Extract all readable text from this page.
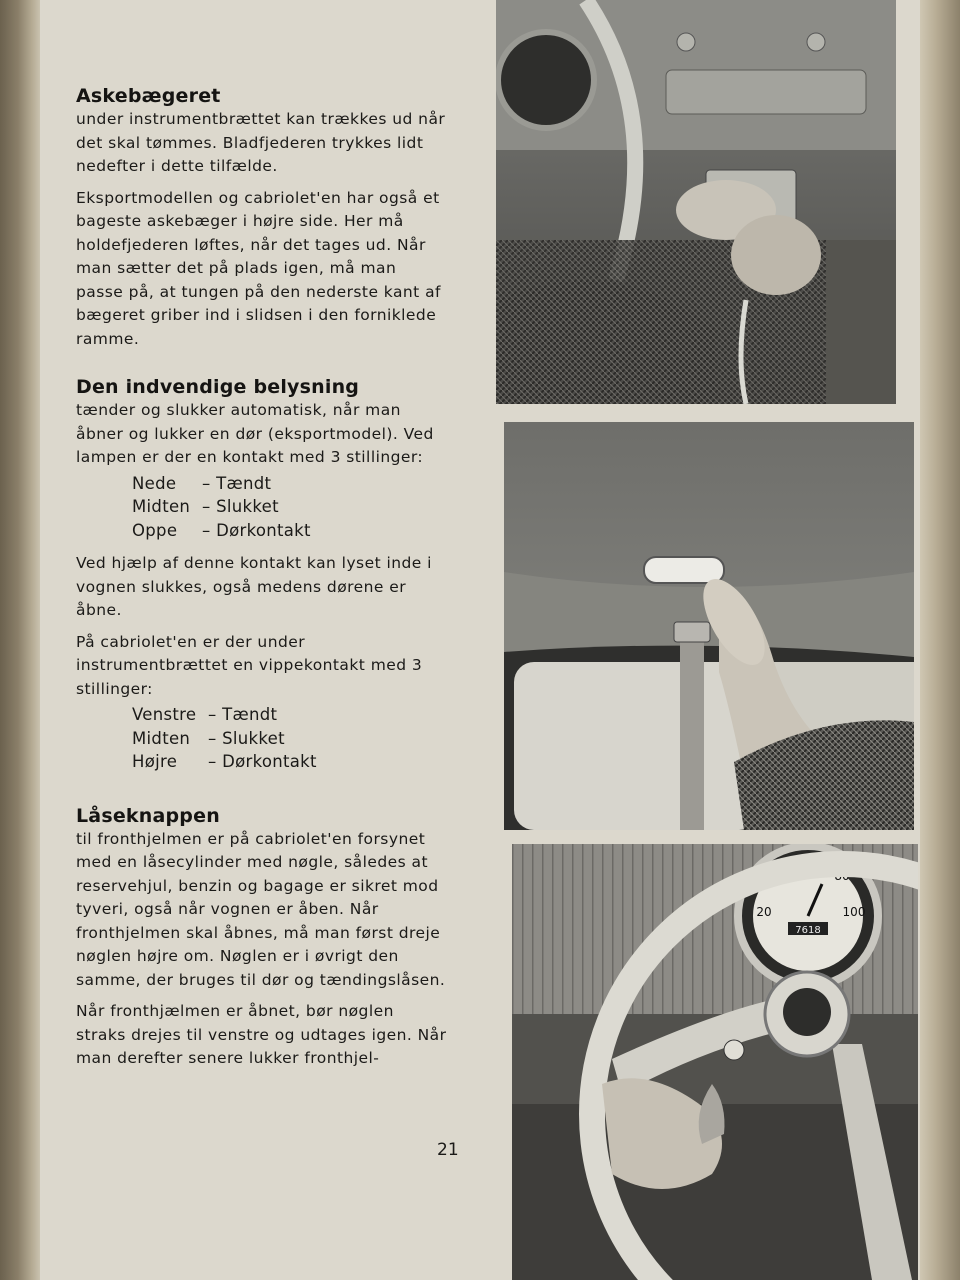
Askebægeret

under instrumentbrættet kan trækkes ud når det skal tømmes. Bladfjederen trykkes lidt nedefter i dette tilfælde.

Eksportmodellen og cabriolet'en har også et bageste askebæger i højre side. Her må holdefjederen løftes, når det tages ud. Når man sætter det på plads igen, må man passe på, at tungen på den nederste kant af bægeret griber ind i slidsen i den forniklede ramme.

Den indvendige belysning

tænder og slukker automatisk, når man åbner og lukker en dør (eksportmodel). Ved lampen er der en kontakt med 3 stillinger:

Nede	– Tændt
Midten – Slukket
Oppe	– Dørkontakt

Ved hjælp af denne kontakt kan lyset inde i vognen slukkes, også medens dørene er åbne.

På cabriolet'en er der under instrumentbrættet en vippekontakt med 3 stillinger:

Venstre – Tændt
Midten	– Slukket
Højre	– Dørkontakt
Låseknappen

til fronthjelmen er på cabriolet'en forsynet med en låsecylinder med nøgle, således at reservehjul, benzin og bagage er sikret mod tyveri, også når vognen er åben. Når fronthjelmen skal åbnes, må man først dreje nøglen højre om. Nøglen er i øvrigt den samme, der bruges til dør og tændingslåsen.

Når fronthjælmen er åbnet, bør nøglen straks drejes til venstre og udtages igen. Når man derefter senere lukker fronthjel-

21
20
40
60
80
100
7618
